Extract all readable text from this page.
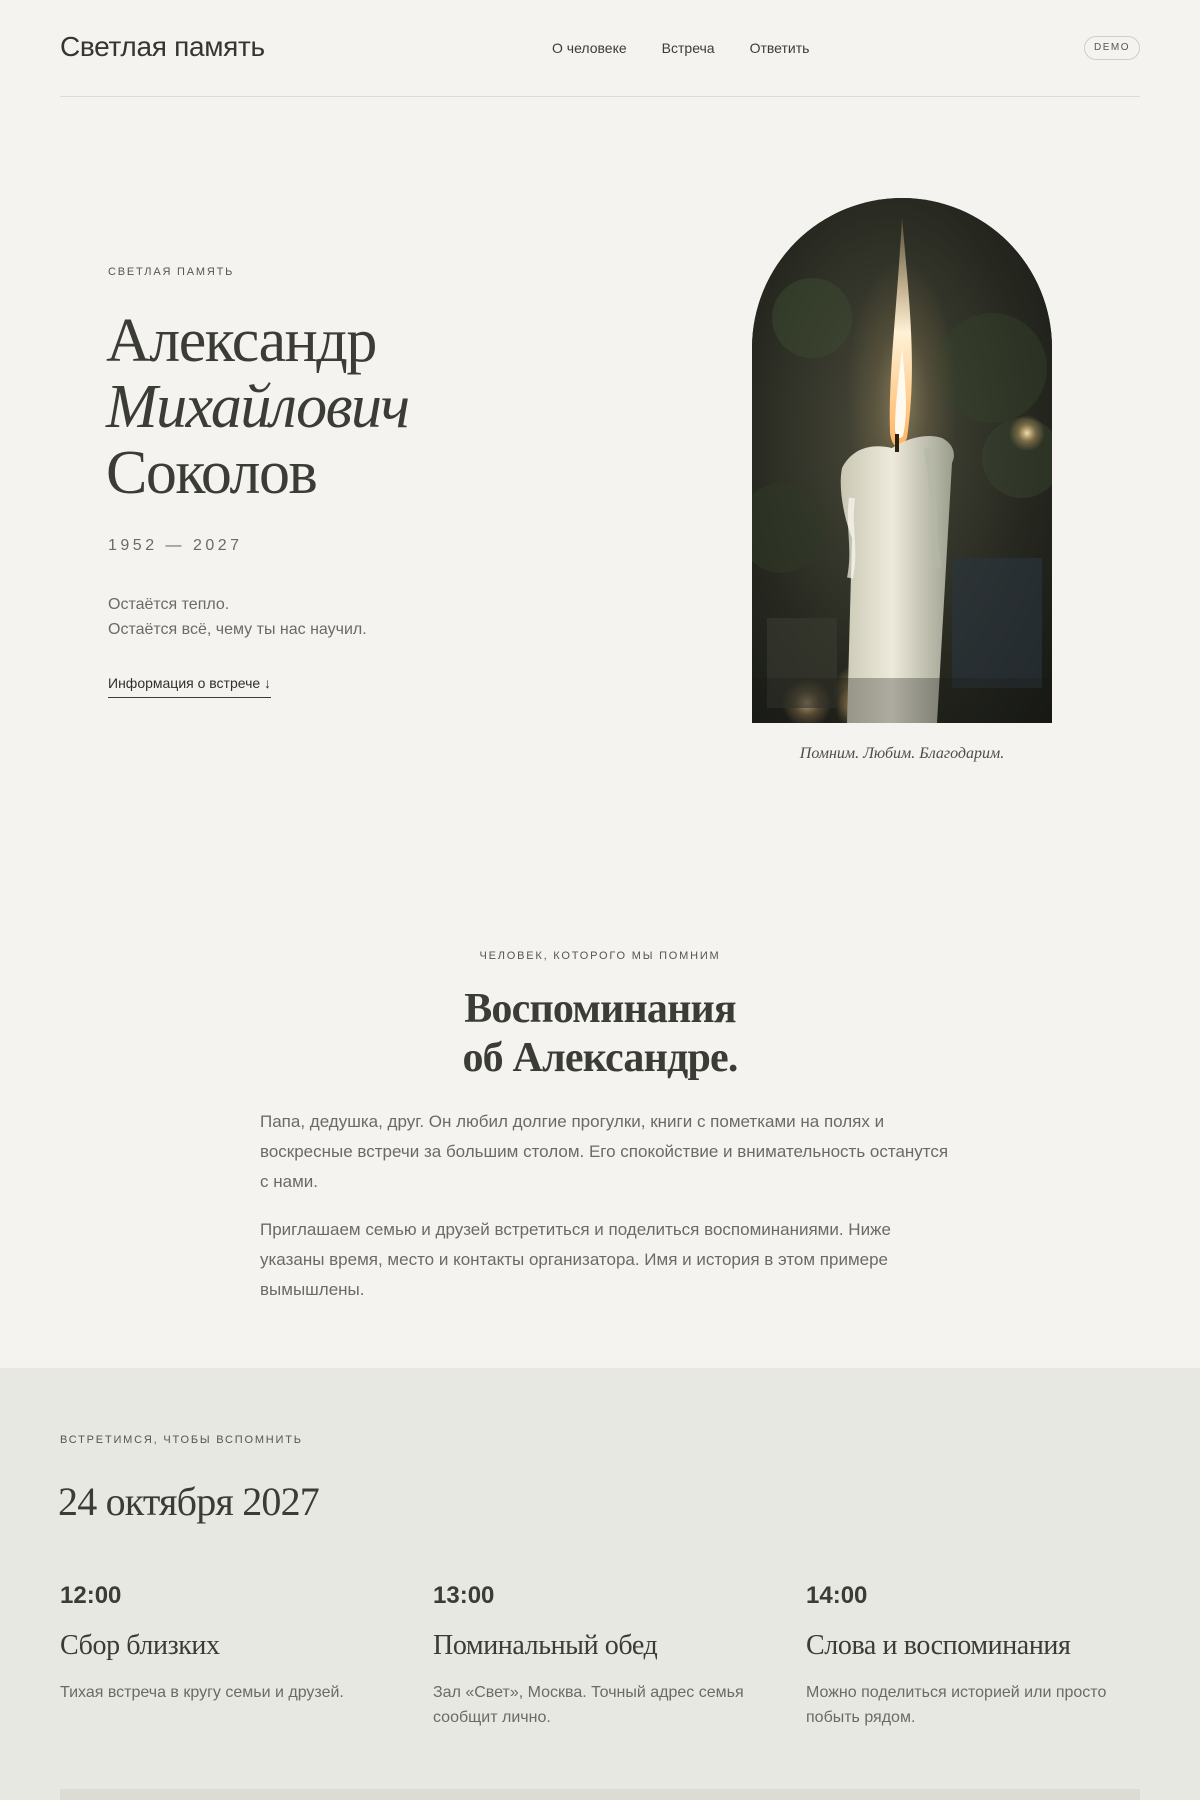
Светлая память	О человеке	Встреча	Ответить	DEMO
СВЕТЛАЯ ПАМЯТЬ
Александр
Михайлович
Соколов
1952 — 2027
Остаётся тепло.
Остаётся всё, чему ты нас научил.
Информация о встрече ↓
Помним. Любим. Благодарим.
ЧЕЛОВЕК, КОТОРОГО МЫ ПОМНИМ
Воспоминания
об Александре.

Папа, дедушка, друг. Он любил долгие прогулки, книги с пометками на полях и воскресные встречи за большим столом. Его спокойствие и внимательность останутся с нами.

Приглашаем семью и друзей встретиться и поделиться воспоминаниями. Ниже указаны время, место и контакты организатора. Имя и история в этом примере вымышлены.

ВСТРЕТИМСЯ, ЧТОБЫ ВСПОМНИТЬ
24 октября 2027
12:00
Сбор близких
Тихая встреча в кругу семьи и друзей.
13:00
Поминальный обед
Зал «Свет», Москва. Точный адрес семья сообщит лично.
14:00
Слова и воспоминания
Можно поделиться историей или просто побыть рядом.
